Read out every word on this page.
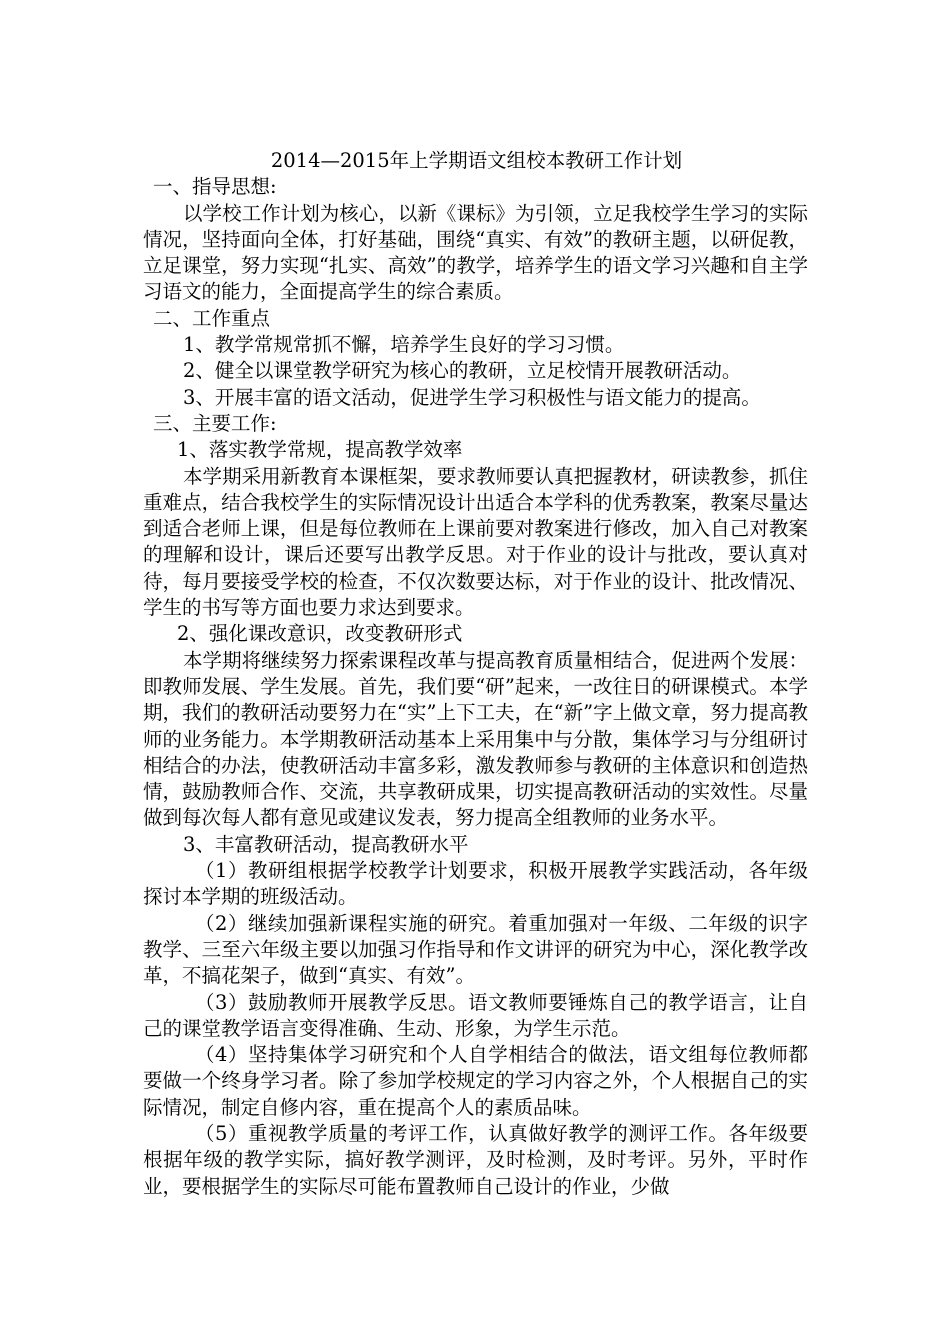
2014—2015年上学期语文组校本教研工作计划

一、指导思想:

以学校工作计划为核心，以新《课标》为引领，立足我校学生学习的实际情况，坚持面向全体，打好基础，围绕“真实、有效”的教研主题，以研促教，立足课堂，努力实现“扎实、高效”的教学，培养学生的语文学习兴趣和自主学习语文的能力，全面提高学生的综合素质。

二、工作重点

1、教学常规常抓不懈，培养学生良好的学习习惯。

2、健全以课堂教学研究为核心的教研，立足校情开展教研活动。

3、开展丰富的语文活动，促进学生学习积极性与语文能力的提高。

三、主要工作:

1、落实教学常规，提高教学效率

本学期采用新教育本课框架，要求教师要认真把握教材，研读教参，抓住重难点，结合我校学生的实际情况设计出适合本学科的优秀教案，教案尽量达到适合老师上课，但是每位教师在上课前要对教案进行修改，加入自己对教案的理解和设计，课后还要写出教学反思。对于作业的设计与批改，要认真对待，每月要接受学校的检查，不仅次数要达标，对于作业的设计、批改情况、学生的书写等方面也要力求达到要求。

2、强化课改意识，改变教研形式

本学期将继续努力探索课程改革与提高教育质量相结合，促进两个发展：即教师发展、学生发展。首先，我们要“研”起来，一改往日的研课模式。本学期，我们的教研活动要努力在“实”上下工夫，在“新”字上做文章，努力提高教师的业务能力。本学期教研活动基本上采用集中与分散，集体学习与分组研讨相结合的办法，使教研活动丰富多彩，激发教师参与教研的主体意识和创造热情，鼓励教师合作、交流，共享教研成果，切实提高教研活动的实效性。尽量做到每次每人都有意见或建议发表，努力提高全组教师的业务水平。

3、丰富教研活动，提高教研水平

（1）教研组根据学校教学计划要求，积极开展教学实践活动，各年级探讨本学期的班级活动。

（2）继续加强新课程实施的研究。着重加强对一年级、二年级的识字教学、三至六年级主要以加强习作指导和作文讲评的研究为中心，深化教学改革，不搞花架子，做到“真实、有效”。

（3）鼓励教师开展教学反思。语文教师要锤炼自己的教学语言，让自己的课堂教学语言变得准确、生动、形象，为学生示范。

（4）坚持集体学习研究和个人自学相结合的做法，语文组每位教师都要做一个终身学习者。除了参加学校规定的学习内容之外，个人根据自己的实际情况，制定自修内容，重在提高个人的素质品味。

（5）重视教学质量的考评工作，认真做好教学的测评工作。各年级要根据年级的教学实际，搞好教学测评，及时检测，及时考评。另外，平时作业，要根据学生的实际尽可能布置教师自己设计的作业，少做
